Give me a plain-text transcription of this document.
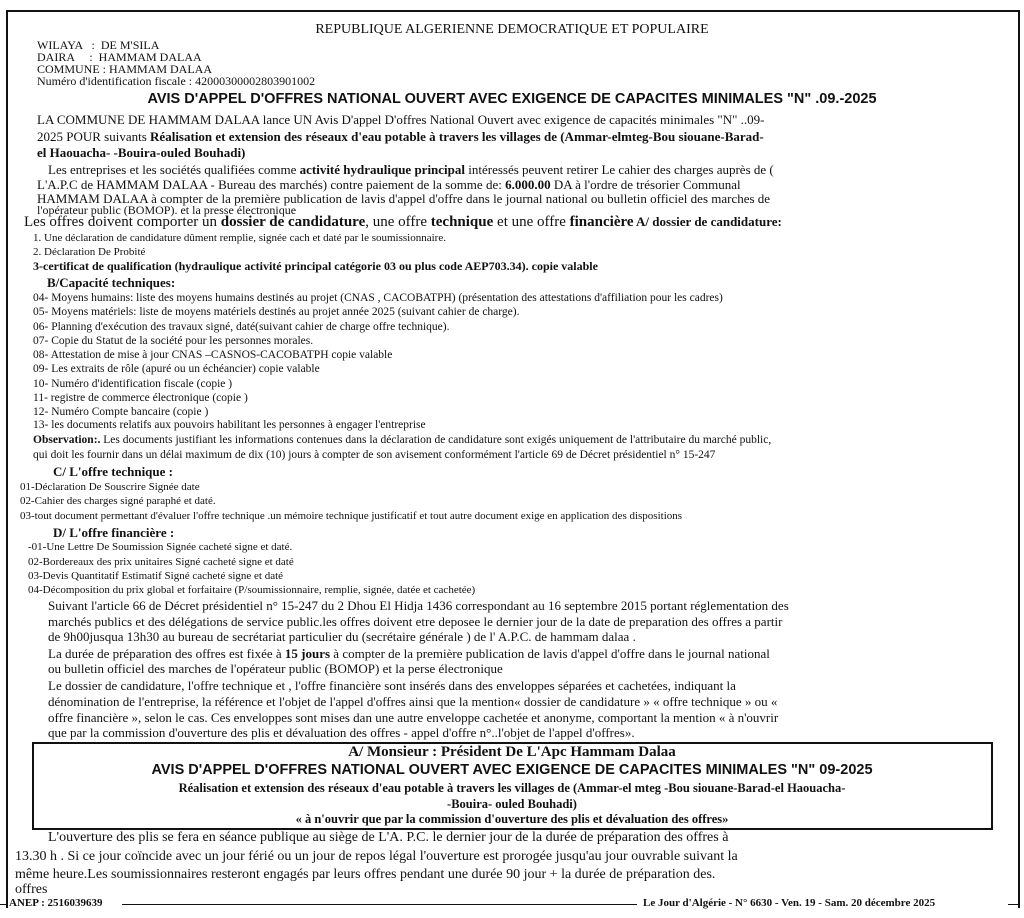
REPUBLIQUE ALGERIENNE DEMOCRATIQUE ET POPULAIRE
WILAYA   :  DE M'SILA
DAIRA     :  HAMMAM DALAA
COMMUNE : HAMMAM DALAA
Numéro d'identification fiscale : 42000300002803901002
AVIS D'APPEL D'OFFRES NATIONAL OUVERT AVEC EXIGENCE DE CAPACITES MINIMALES "N" .09.-2025
LA COMMUNE DE HAMMAM DALAA lance UN Avis D'appel D'offres National Ouvert avec exigence de capacités minimales "N" ..09-
2025 POUR suivants Réalisation et extension des réseaux d'eau potable à travers les villages de (Ammar-elmteg-Bou siouane-Barad-
el Haouacha- -Bouira-ouled Bouhadi)
Les entreprises et les sociétés qualifiées comme activité hydraulique principal intéressés peuvent retirer Le cahier des charges auprès de (
L'A.P.C de HAMMAM DALAA - Bureau des marchés) contre paiement de la somme de: 6.000.00 DA à l'ordre de trésorier Communal
HAMMAM DALAA à compter de la première publication de lavis d'appel d'offre dans le journal national ou bulletin officiel des marches de
l'opérateur public (BOMOP). et la presse électronique
Les offres doivent comporter un dossier de candidature, une offre technique et une offre financière A/ dossier de candidature:
1. Une déclaration de candidature dûment remplie, signée cach et daté par le soumissionnaire.
2. Déclaration De Probité
3-certificat de qualification (hydraulique activité principal catégorie 03 ou plus code AEP703.34). copie valable
B/Capacité techniques:
04- Moyens humains: liste des moyens humains destinés au projet (CNAS , CACOBATPH) (présentation des attestations d'affiliation pour les cadres)
05- Moyens matériels: liste de moyens matériels destinés au projet année 2025 (suivant cahier de charge).
06- Planning d'exécution des travaux signé, daté(suivant cahier de charge offre technique).
07- Copie du Statut de la société pour les personnes morales.
08- Attestation de mise à jour CNAS –CASNOS-CACOBATPH copie valable
09- Les extraits de rôle (apuré ou un échéancier) copie valable
10- Numéro d'identification fiscale (copie )
11- registre de commerce électronique (copie )
12- Numéro Compte bancaire (copie )
13- les documents relatifs aux pouvoirs habilitant les personnes à engager l'entreprise
Observation:. Les documents justifiant les informations contenues dans la déclaration de candidature sont exigés uniquement de l'attributaire du marché public,
qui doit les fournir dans un délai maximum de dix (10) jours à compter de son avisement conformément l'article 69 de Décret présidentiel n° 15-247
C/ L'offre technique :
01-Déclaration De Souscrire Signée date
02-Cahier des charges signé paraphé et daté.
03-tout document permettant d'évaluer l'offre technique .un mémoire technique justificatif et tout autre document exige en application des dispositions
D/ L'offre financière :
-01-Une Lettre De Soumission Signée cacheté signe et daté.
02-Bordereaux des prix unitaires Signé cacheté signe et daté
03-Devis Quantitatif Estimatif Signé cacheté signe et daté
04-Décomposition du prix global et forfaitaire (P/soumissionnaire, remplie, signée, datée et cachetée)
Suivant l'article 66 de Décret présidentiel n° 15-247 du 2 Dhou El Hidja 1436 correspondant au 16 septembre 2015 portant réglementation des
marchés publics et des délégations de service public.les offres doivent etre deposee le dernier jour de la date de preparation des offres a partir
de 9h00jusqua 13h30 au bureau de secrétariat particulier du (secrétaire générale ) de l' A.P.C. de hammam dalaa .
La durée de préparation des offres est fixée à 15 jours à compter de la première publication de lavis d'appel d'offre dans le journal national
ou bulletin officiel des marches de l'opérateur public (BOMOP) et la perse électronique
Le dossier de candidature, l'offre technique et , l'offre financière sont insérés dans des enveloppes séparées et cachetées, indiquant la
dénomination de l'entreprise, la référence et l'objet de l'appel d'offres ainsi que la mention« dossier de candidature » « offre technique » ou «
offre financière », selon le cas. Ces enveloppes sont mises dan une autre enveloppe cachetée et anonyme, comportant la mention « à n'ouvrir
que par la commission d'ouverture des plis et dévaluation des offres - appel d'offre n°..l'objet de l'appel d'offres».
A/ Monsieur : Président De L'Apc Hammam Dalaa
AVIS D'APPEL D'OFFRES NATIONAL OUVERT AVEC EXIGENCE DE CAPACITES MINIMALES "N" 09-2025
Réalisation et extension des réseaux d'eau potable à travers les villages de (Ammar-el mteg -Bou siouane-Barad-el Haouacha-
-Bouira- ouled Bouhadi)
« à n'ouvrir que par la commission d'ouverture des plis et dévaluation des offres»
L'ouverture des plis se fera en séance publique au siège de L'A. P.C. le dernier jour de la durée de préparation des offres à
13.30 h . Si ce jour coïncide avec un jour férié ou un jour de repos légal l'ouverture est prorogée jusqu'au jour ouvrable suivant la
même heure.Les soumissionnaires resteront engagés par leurs offres pendant une durée 90 jour + la durée de préparation des.
offres
ANEP : 2516039639	Le Jour d'Algérie - N° 6630 - Ven. 19 - Sam. 20 décembre 2025
